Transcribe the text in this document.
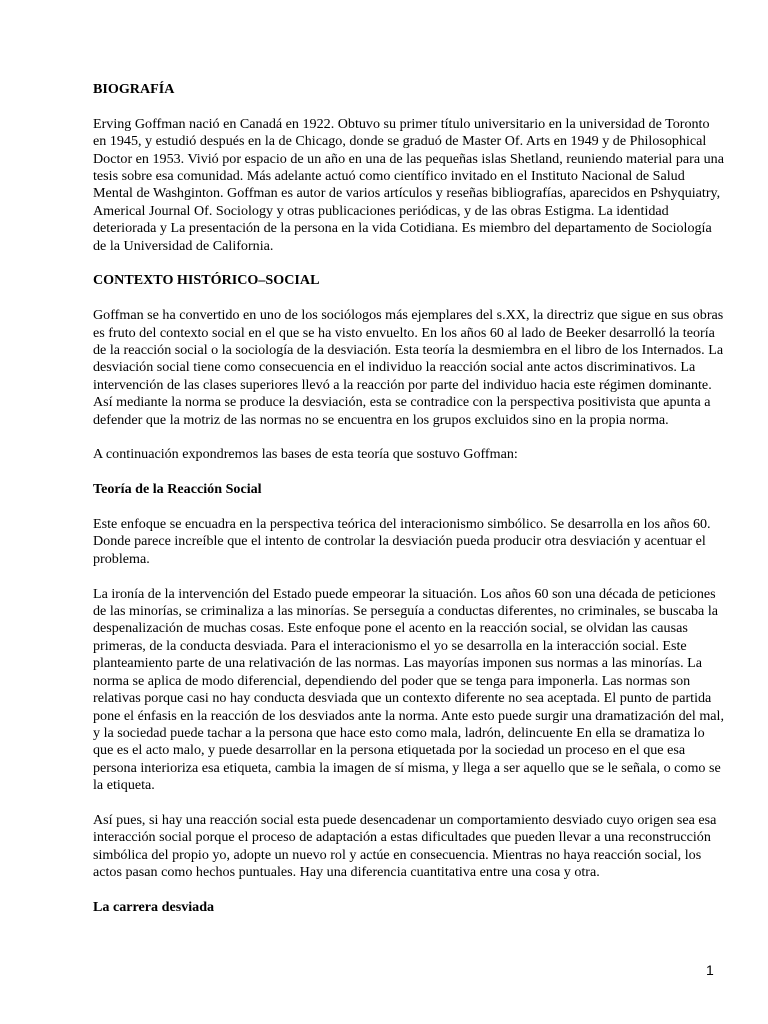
BIOGRAFÍA

Erving Goffman nació en Canadá en 1922. Obtuvo su primer título universitario en la universidad de Toronto en 1945, y estudió después en la de Chicago, donde se graduó de Master Of. Arts en 1949 y de Philosophical Doctor en 1953. Vivió por espacio de un año en una de las pequeñas islas Shetland, reuniendo material para una tesis sobre esa comunidad. Más adelante actuó como científico invitado en el Instituto Nacional de Salud Mental de Washginton. Goffman es autor de varios artículos y reseñas bibliografías, aparecidos en Pshyquiatry, Americal Journal Of. Sociology y otras publicaciones periódicas, y de las obras Estigma. La identidad deteriorada y La presentación de la persona en la vida Cotidiana. Es miembro del departamento de Sociología de la Universidad de California.

CONTEXTO HISTÓRICO–SOCIAL

Goffman se ha convertido en uno de los sociólogos más ejemplares del s.XX, la directriz que sigue en sus obras es fruto del contexto social en el que se ha visto envuelto. En los años 60 al lado de Beeker desarrolló la teoría de la reacción social o la sociología de la desviación. Esta teoría la desmiembra en el libro de los Internados. La desviación social tiene como consecuencia en el individuo la reacción social ante actos discriminativos. La intervención de las clases superiores llevó a la reacción por parte del individuo hacia este régimen dominante. Así mediante la norma se produce la desviación, esta se contradice con la perspectiva positivista que apunta a defender que la motriz de las normas no se encuentra en los grupos excluidos sino en la propia norma.

A continuación expondremos las bases de esta teoría que sostuvo Goffman:

Teoría de la Reacción Social

Este enfoque se encuadra en la perspectiva teórica del interacionismo simbólico. Se desarrolla en los años 60. Donde parece increíble que el intento de controlar la desviación pueda producir otra desviación y acentuar el problema.

La ironía de la intervención del Estado puede empeorar la situación. Los años 60 son una década de peticiones de las minorías, se criminaliza a las minorías. Se perseguía a conductas diferentes, no criminales, se buscaba la despenalización de muchas cosas. Este enfoque pone el acento en la reacción social, se olvidan las causas primeras, de la conducta desviada. Para el interacionismo el yo se desarrolla en la interacción social. Este planteamiento parte de una relativación de las normas. Las mayorías imponen sus normas a las minorías. La norma se aplica de modo diferencial, dependiendo del poder que se tenga para imponerla. Las normas son relativas porque casi no hay conducta desviada que un contexto diferente no sea aceptada. El punto de partida pone el énfasis en la reacción de los desviados ante la norma. Ante esto puede surgir una dramatización del mal, y la sociedad puede tachar a la persona que hace esto como mala, ladrón, delincuente En ella se dramatiza lo que es el acto malo, y puede desarrollar en la persona etiquetada por la sociedad un proceso en el que esa persona interioriza esa etiqueta, cambia la imagen de sí misma, y llega a ser aquello que se le señala, o como se la etiqueta.

Así pues, si hay una reacción social esta puede desencadenar un comportamiento desviado cuyo origen sea esa interacción social porque el proceso de adaptación a estas dificultades que pueden llevar a una reconstrucción simbólica del propio yo, adopte un nuevo rol y actúe en consecuencia. Mientras no haya reacción social, los actos pasan como hechos puntuales. Hay una diferencia cuantitativa entre una cosa y otra.

La carrera desviada
1
